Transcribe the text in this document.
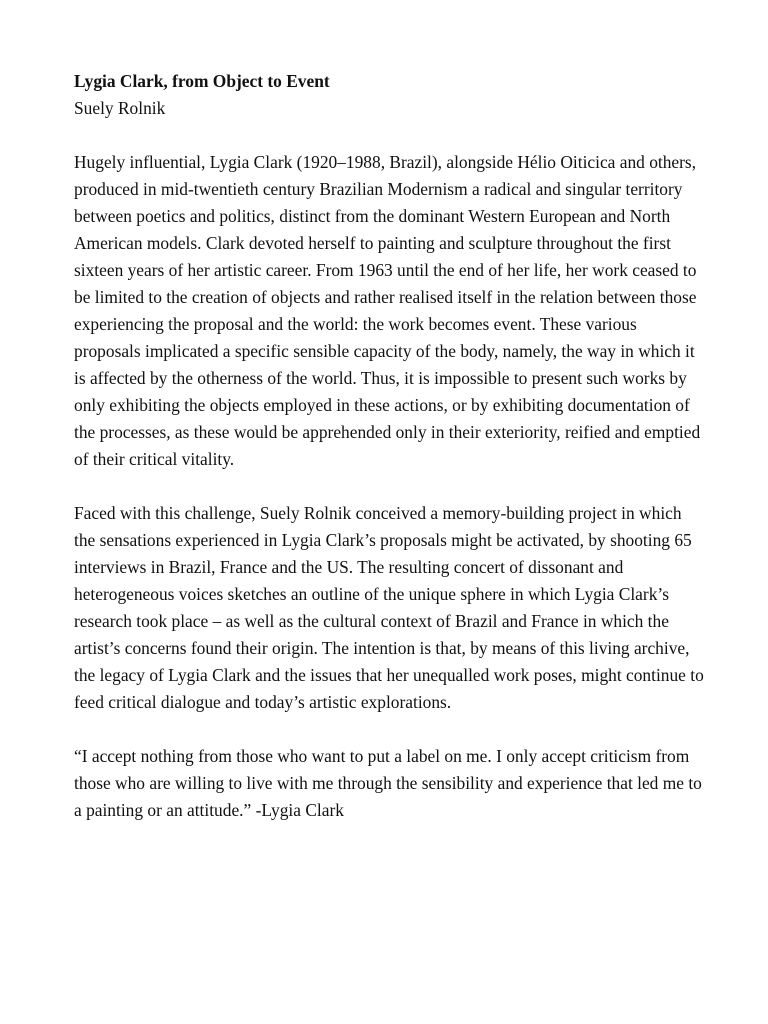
Lygia Clark, from Object to Event

Suely Rolnik

Hugely influential, Lygia Clark (1920–1988, Brazil), alongside Hélio Oiticica and others, produced in mid-twentieth century Brazilian Modernism a radical and singular territory between poetics and politics, distinct from the dominant Western European and North American models. Clark devoted herself to painting and sculpture throughout the first sixteen years of her artistic career. From 1963 until the end of her life, her work ceased to be limited to the creation of objects and rather realised itself in the relation between those experiencing the proposal and the world: the work becomes event. These various proposals implicated a specific sensible capacity of the body, namely, the way in which it is affected by the otherness of the world. Thus, it is impossible to present such works by only exhibiting the objects employed in these actions, or by exhibiting documentation of the processes, as these would be apprehended only in their exteriority, reified and emptied of their critical vitality.

Faced with this challenge, Suely Rolnik conceived a memory-building project in which the sensations experienced in Lygia Clark’s proposals might be activated, by shooting 65 interviews in Brazil, France and the US. The resulting concert of dissonant and heterogeneous voices sketches an outline of the unique sphere in which Lygia Clark’s research took place – as well as the cultural context of Brazil and France in which the artist’s concerns found their origin. The intention is that, by means of this living archive, the legacy of Lygia Clark and the issues that her unequalled work poses, might continue to feed critical dialogue and today’s artistic explorations.

“I accept nothing from those who want to put a label on me. I only accept criticism from those who are willing to live with me through the sensibility and experience that led me to a painting or an attitude.” -Lygia Clark
